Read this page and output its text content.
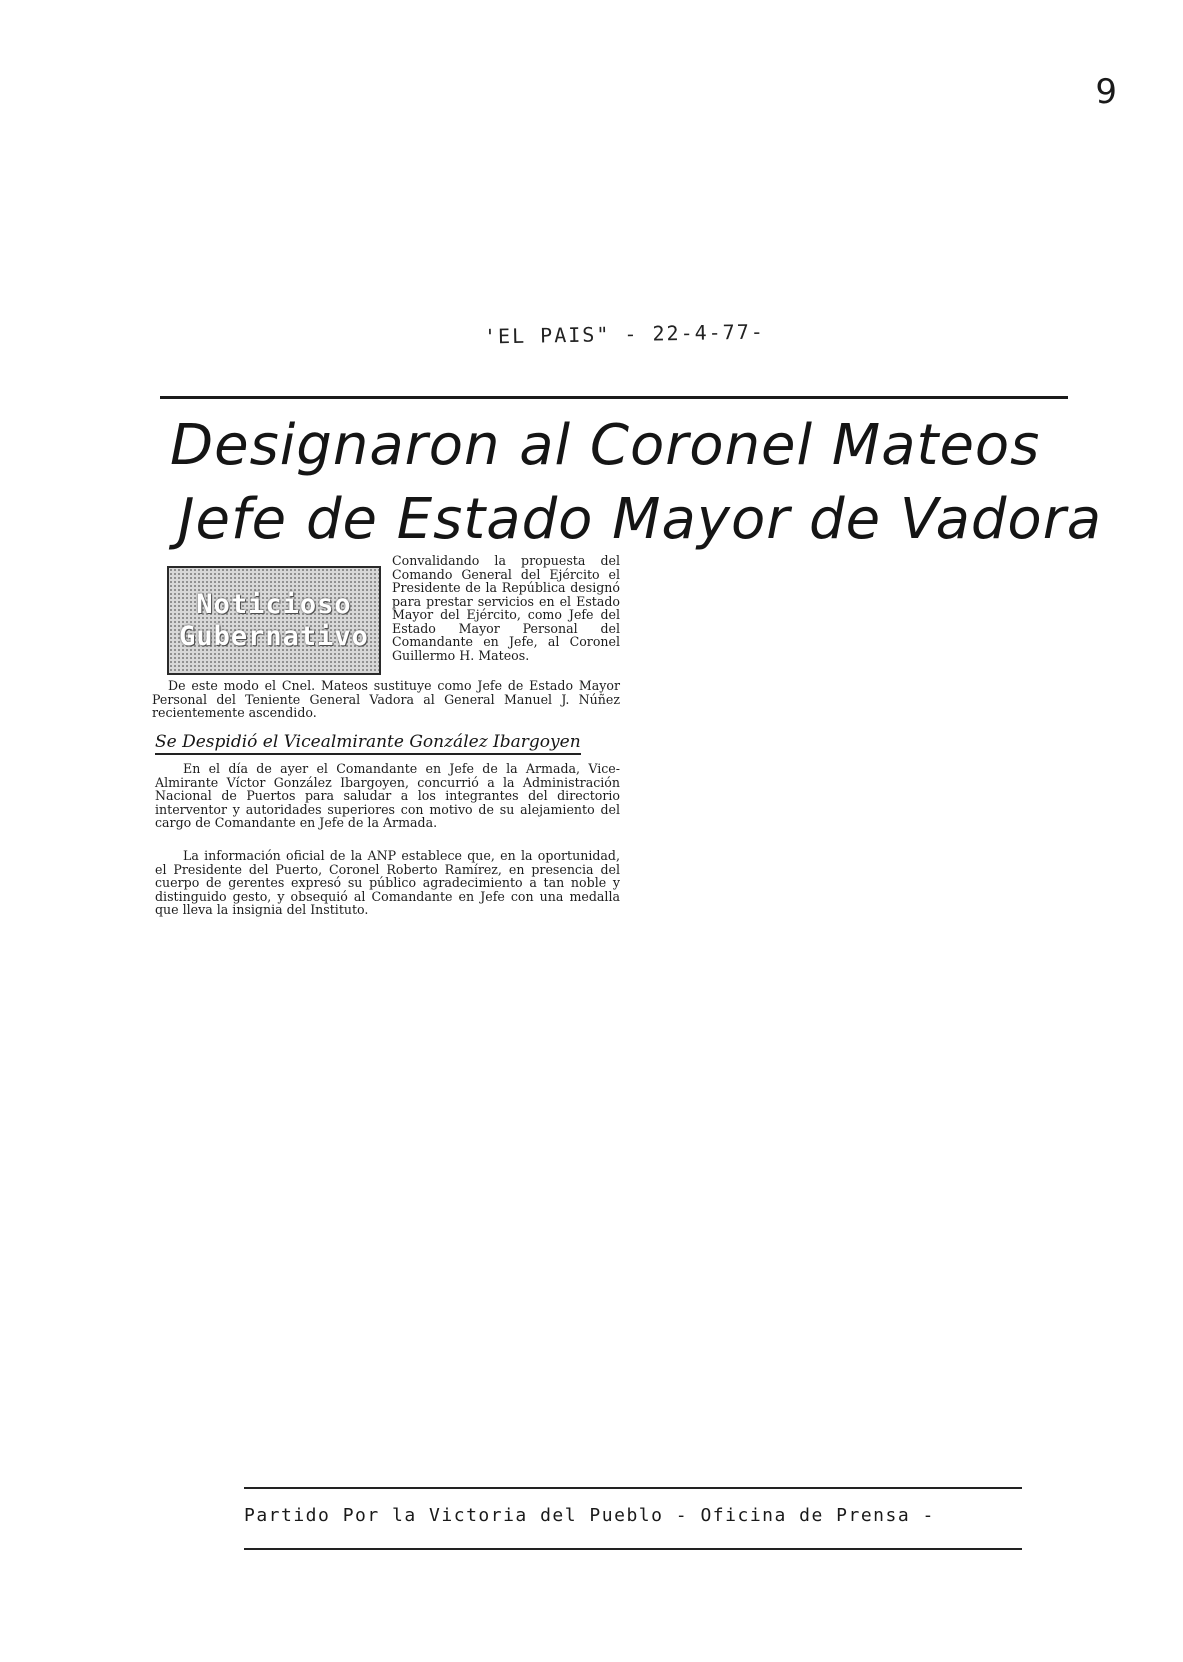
9
'EL PAIS" - 22-4-77-
Designaron al Coronel Mateos
Jefe de Estado Mayor de Vadora
Noticioso
Gubernativo

Convalidando la propuesta del Comando General del Ejército el Presidente de la República designó para prestar servicios en el Estado Mayor del Ejército, como Jefe del Estado Mayor Personal del Comandante en Jefe, al Coronel Guillermo H. Mateos.

De este modo el Cnel. Mateos sustituye como Jefe de Estado Mayor Personal del Teniente General Vadora al General Manuel J. Núñez recientemente ascendido.

Se Despidió el Vicealmirante González Ibargoyen

En el día de ayer el Comandante en Jefe de la Armada, Vice-Almirante Víctor González Ibargoyen, concurrió a la Administración Nacional de Puertos para saludar a los integrantes del directorio interventor y autoridades superiores con motivo de su alejamiento del cargo de Comandante en Jefe de la Armada.

La información oficial de la ANP establece que, en la oportunidad, el Presidente del Puerto, Coronel Roberto Ramírez, en presencia del cuerpo de gerentes expresó su público agradecimiento a tan noble y distinguido gesto, y obsequió al Comandante en Jefe con una medalla que lleva la insignia del Instituto.

Partido Por la Victoria del Pueblo - Oficina de Prensa -
